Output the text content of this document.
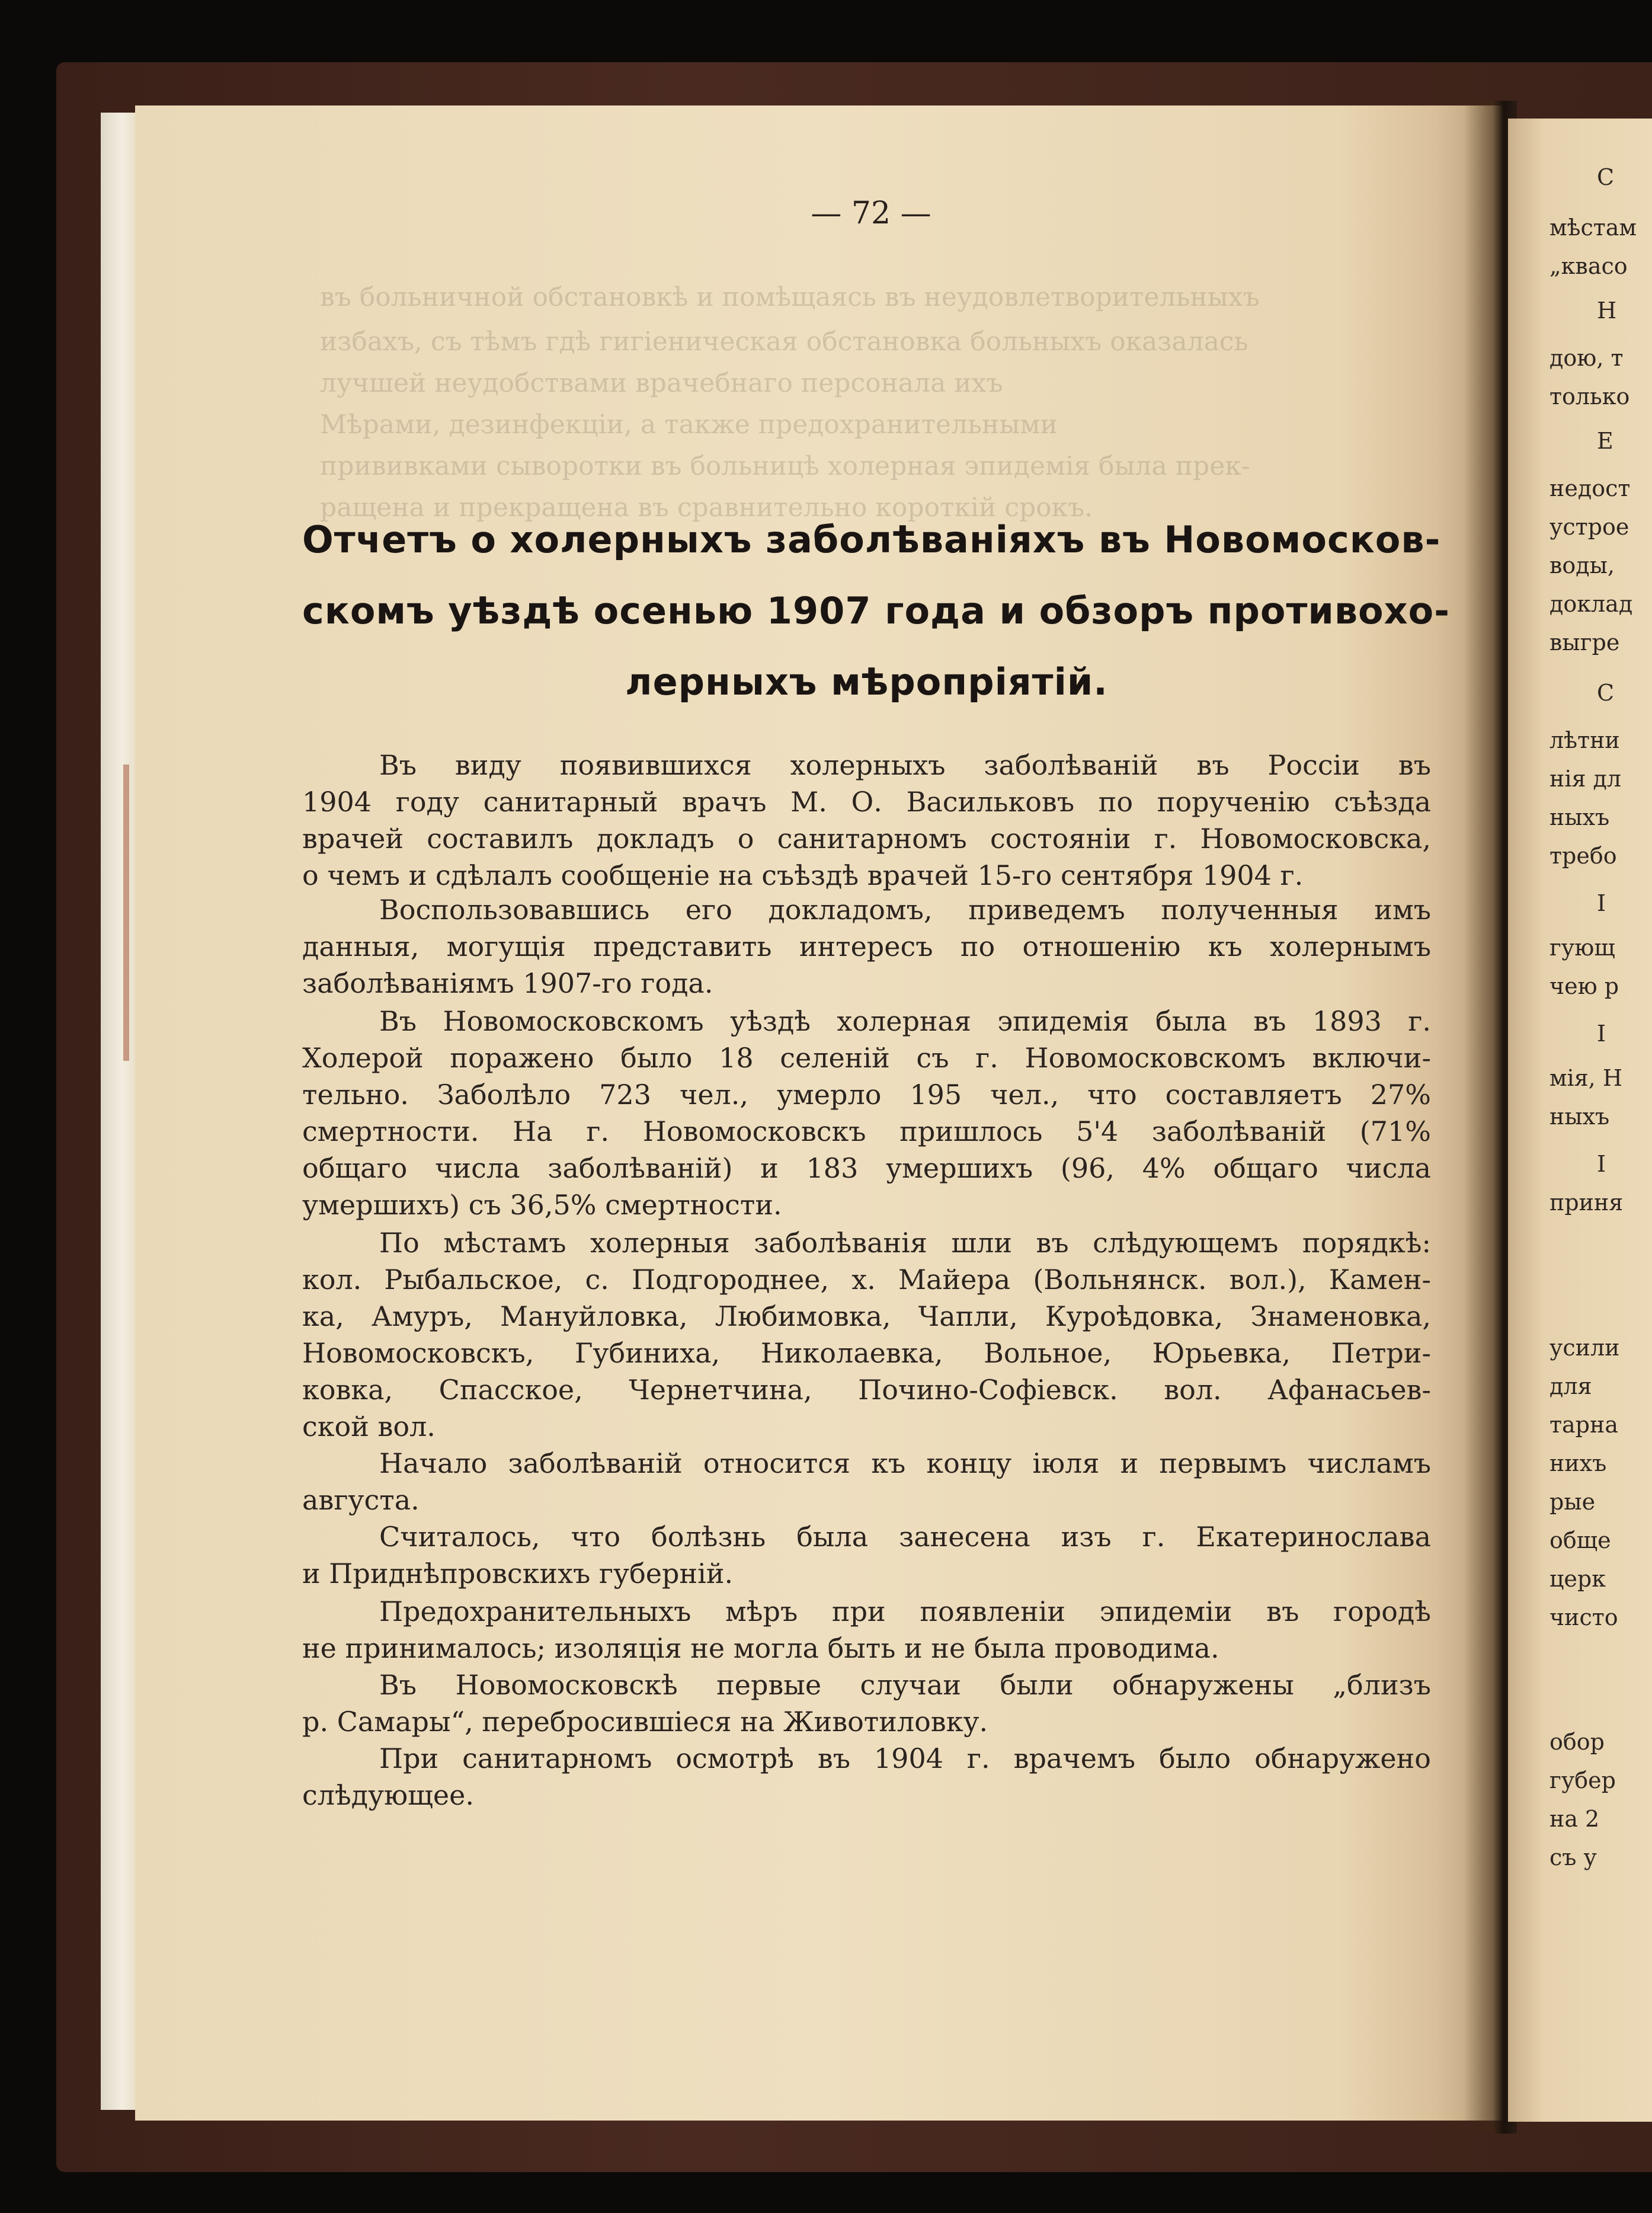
С
мѣстам
„квасо
Н
дою, т
только
Е
недост
устрое
воды,
доклад
выгре
С
лѣтни
нія дл
ныхъ
требо
I
гующ
чею р
I
мія, Н
ныхъ
I
приня
усили
для
тарна
нихъ
рые
обще
церк
чисто
обор
губер
на 2
съ у
— 72 —
въ больничной обстановкѣ и помѣщаясь въ неудовлетворительныхъ
избахъ, съ тѣмъ гдѣ гигіеническая обстановка больныхъ оказалась
лучшей неудобствами врачебнаго персонала ихъ
Мѣрами, дезинфекціи, а также предохранительными
прививками сыворотки въ больницѣ холерная эпидемія была прек-
ращена и прекращена въ сравнительно короткій срокъ.
Отчетъ о холерныхъ заболѣваніяхъ въ Новомосков-
скомъ уѣздѣ осенью 1907 года и обзоръ противохо-
лерныхъ мѣропріятій.
Въ виду появившихся холерныхъ заболѣваній въ Россіи въ
1904 году санитарный врачъ М. О. Васильковъ по порученію съѣзда
врачей составилъ докладъ о санитарномъ состояніи г. Новомосковска,
о чемъ и сдѣлалъ сообщеніе на съѣздѣ врачей 15-го сентября 1904 г.
Воспользовавшись его докладомъ, приведемъ полученныя имъ
данныя, могущія представить интересъ по отношенію къ холернымъ
заболѣваніямъ 1907-го года.
Въ Новомосковскомъ уѣздѣ холерная эпидемія была въ 1893 г.
Холерой поражено было 18 селеній съ г. Новомосковскомъ включи-
тельно. Заболѣло 723 чел., умерло 195 чел., что составляетъ 27%
смертности. На г. Новомосковскъ пришлось 5'4 заболѣваній (71%
общаго числа заболѣваній) и 183 умершихъ (96, 4% общаго числа
умершихъ) съ 36,5% смертности.
По мѣстамъ холерныя заболѣванія шли въ слѣдующемъ порядкѣ:
кол. Рыбальское, с. Подгороднее, х. Майера (Вольнянск. вол.), Камен-
ка, Амуръ, Мануйловка, Любимовка, Чапли, Куроѣдовка, Знаменовка,
Новомосковскъ, Губиниха, Николаевка, Вольное, Юрьевка, Петри-
ковка, Спасское, Чернетчина, Почино-Софіевск. вол. Афанасьев-
ской вол.
Начало заболѣваній относится къ концу іюля и первымъ числамъ
августа.
Считалось, что болѣзнь была занесена изъ г. Екатеринослава
и Приднѣпровскихъ губерній.
Предохранительныхъ мѣръ при появленіи эпидеміи въ городѣ
не принималось; изоляція не могла быть и не была проводима.
Въ Новомосковскѣ первые случаи были обнаружены „близъ
р. Самары“, перебросившіеся на Животиловку.
При санитарномъ осмотрѣ въ 1904 г. врачемъ было обнаружено
слѣдующее.
